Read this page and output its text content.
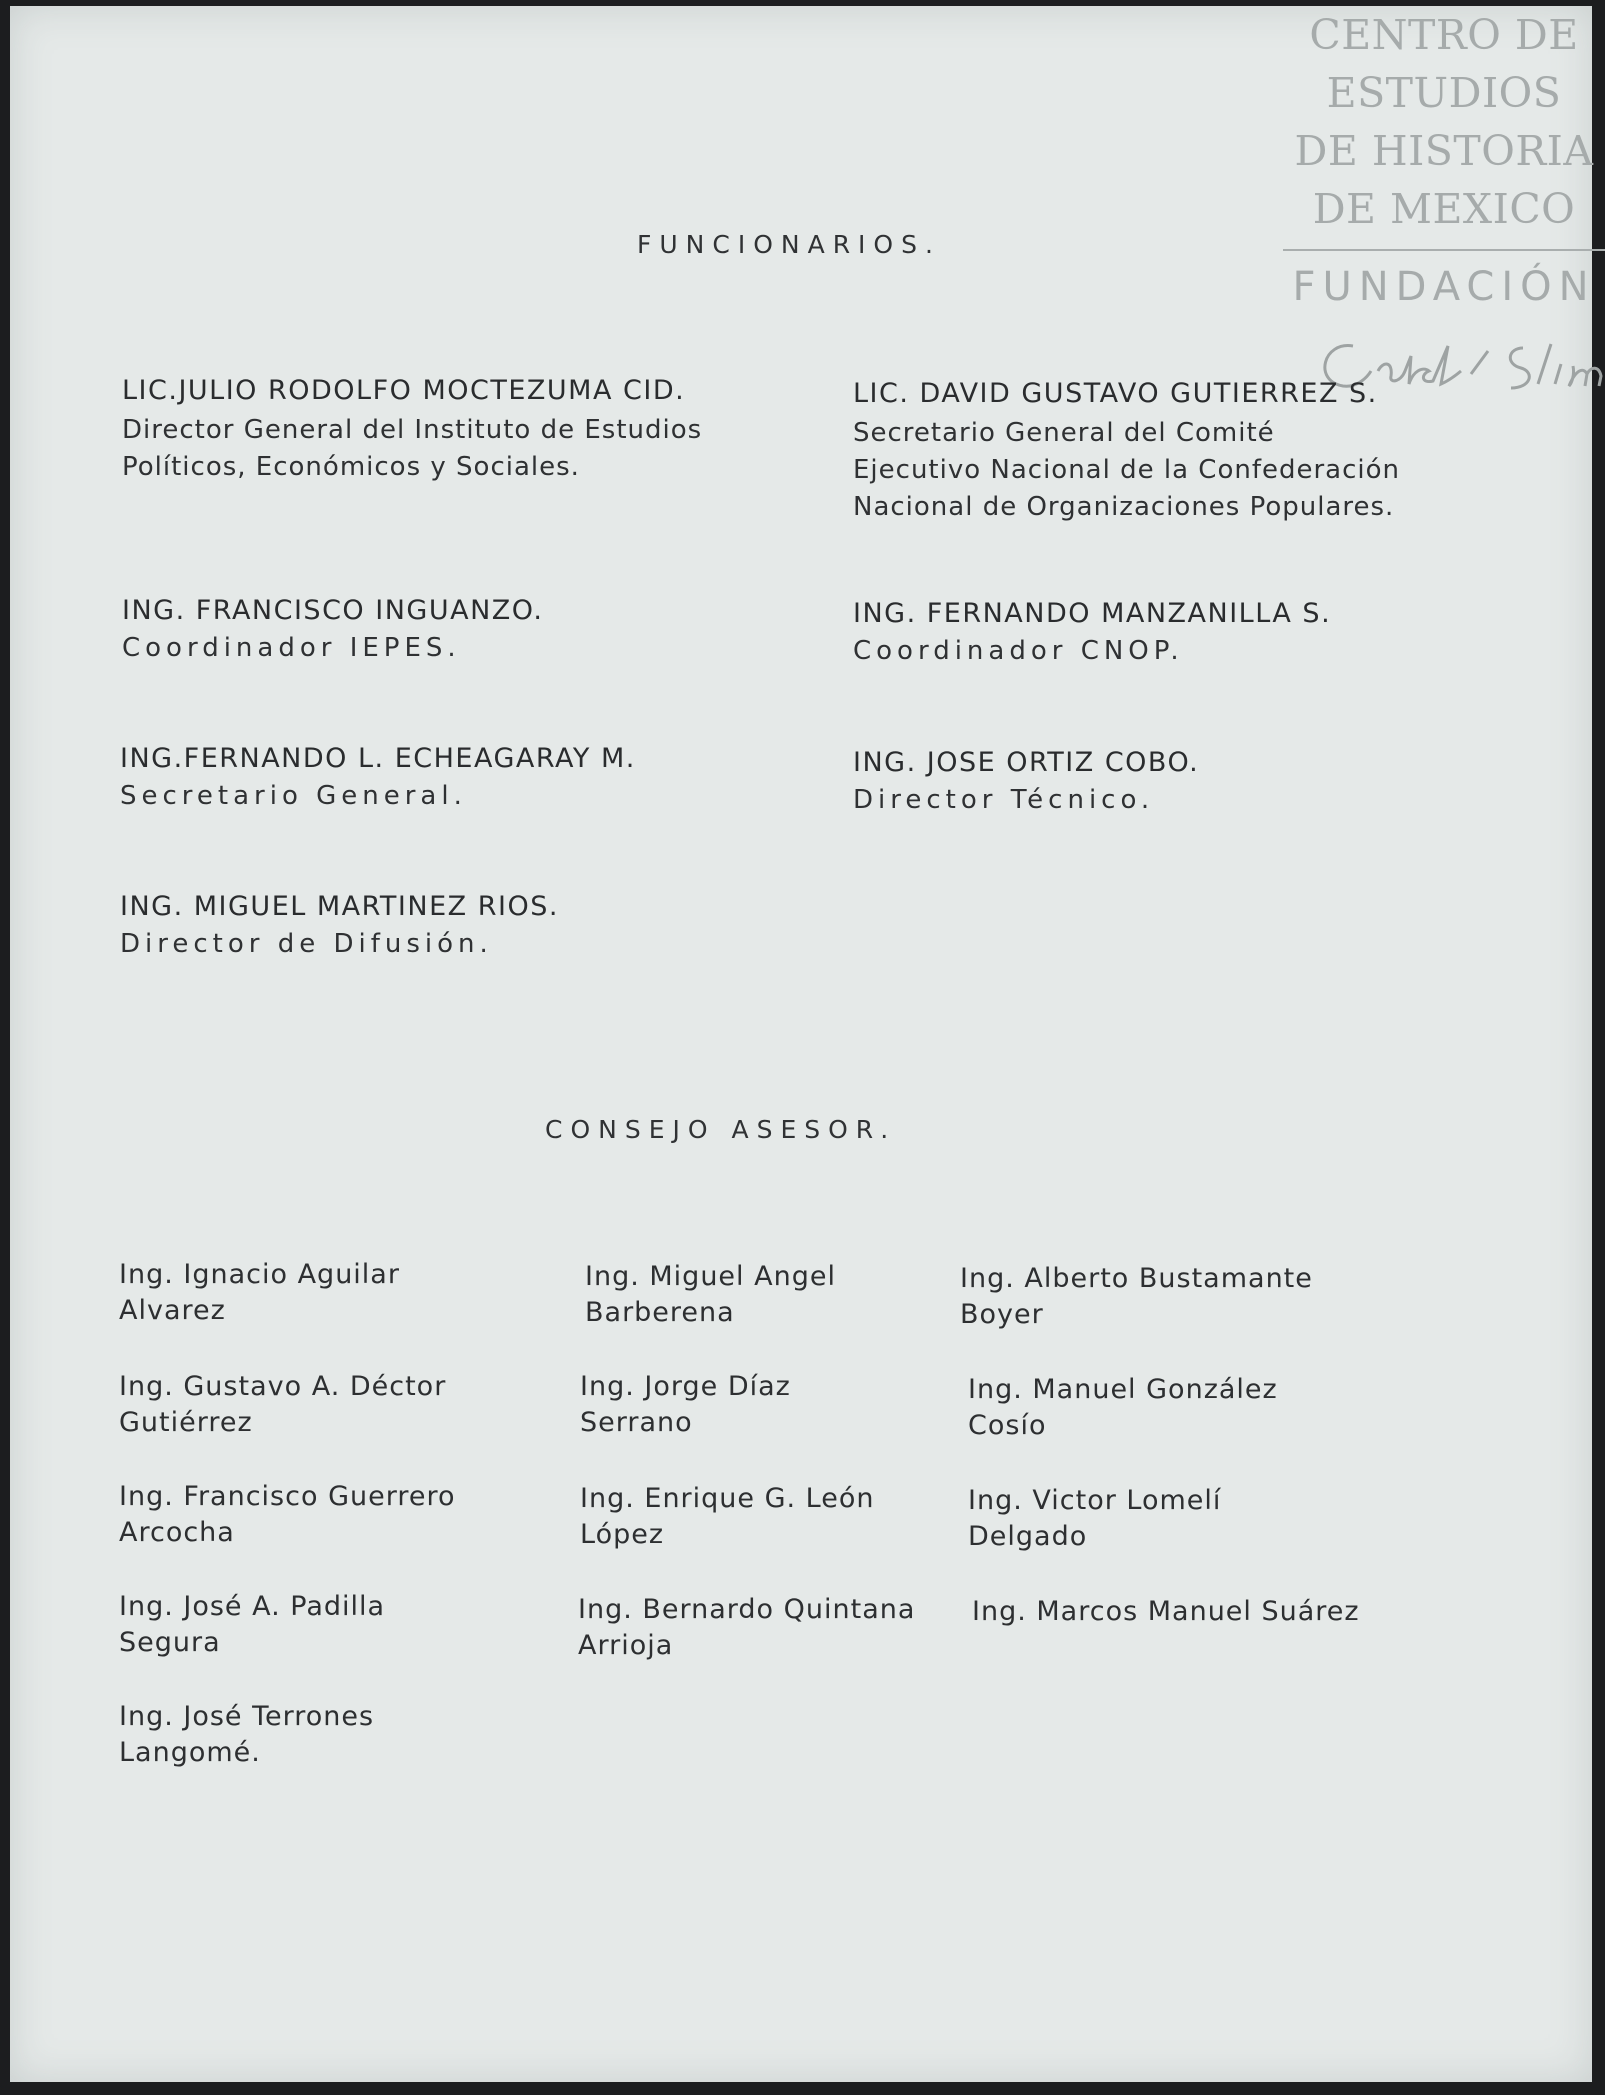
CENTRO DE
ESTUDIOS
DE HISTORIA
DE MEXICO
FUNDACIÓN
FUNCIONARIOS.
LIC.JULIO RODOLFO MOCTEZUMA CID.
Director General del Instituto de Estudios
Políticos, Económicos y Sociales.
LIC. DAVID GUSTAVO GUTIERREZ S.
Secretario General del Comité
Ejecutivo Nacional de la Confederación
Nacional de Organizaciones Populares.
ING. FRANCISCO INGUANZO.
Coordinador IEPES.
ING. FERNANDO MANZANILLA S.
Coordinador CNOP.
ING.FERNANDO L. ECHEAGARAY M.
Secretario General.
ING. JOSE ORTIZ COBO.
Director Técnico.
ING. MIGUEL MARTINEZ RIOS.
Director de Difusión.
CONSEJO ASESOR.
Ing. Ignacio Aguilar
Alvarez
Ing. Miguel Angel
Barberena
Ing. Alberto Bustamante
Boyer
Ing. Gustavo A. Déctor
Gutiérrez
Ing. Jorge Díaz
Serrano
Ing. Manuel González
Cosío
Ing. Francisco Guerrero
Arcocha
Ing. Enrique G. León
López
Ing. Victor Lomelí
Delgado
Ing. José A. Padilla
Segura
Ing. Bernardo Quintana
Arrioja
Ing. Marcos Manuel Suárez
Ing. José Terrones
Langomé.
